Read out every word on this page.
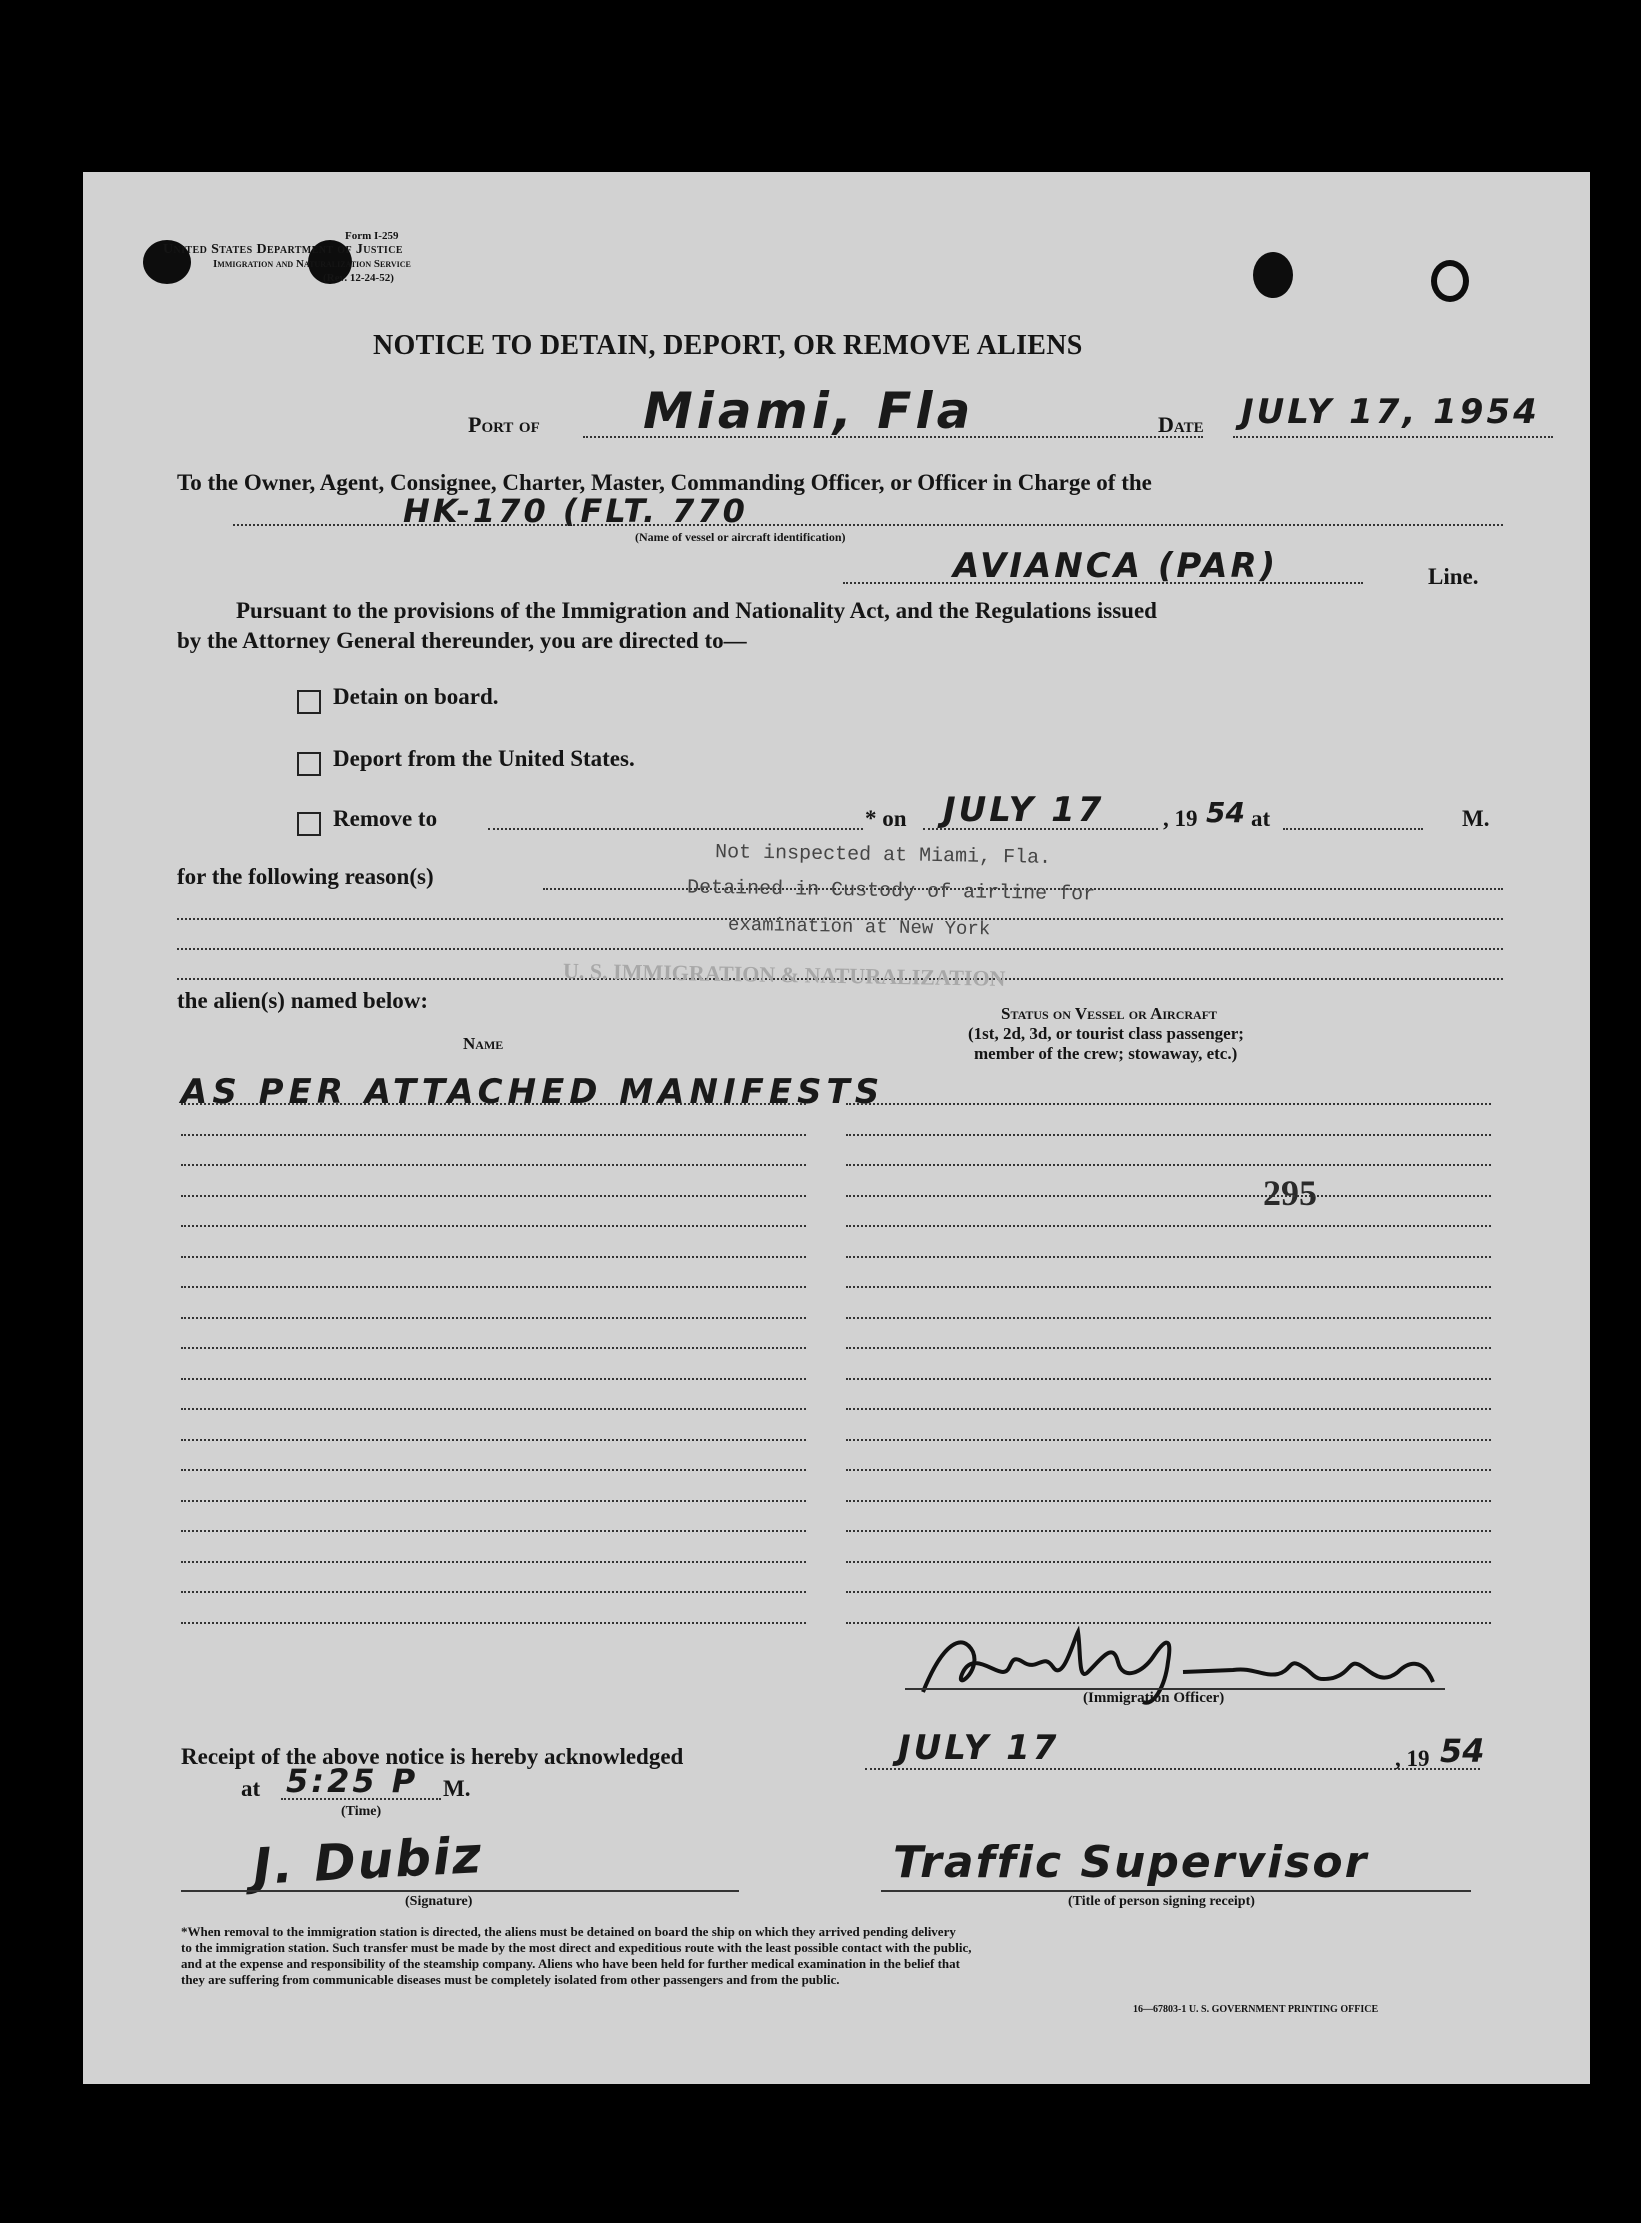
Form I-259
United States Department of Justice
Immigration and Naturalization Service
(Rev. 12-24-52)
NOTICE TO DETAIN, DEPORT, OR REMOVE ALIENS
Port of Miami, Fla	Date JULY 17, 1954
To the Owner, Agent, Consignee, Charter, Master, Commanding Officer, or Officer in Charge of the
HK-170 (FLT. 770
(Name of vessel or aircraft identification)
AVIANCA (PAR)	Line.
Pursuant to the provisions of the Immigration and Nationality Act, and the Regulations issued
by the Attorney General thereunder, you are directed to—
Detain on board.
Deport from the United States.
Remove to	* on JULY 17	, 19 54 at	M.
for the following reason(s)
Not inspected at Miami, Fla.
Detained in Custody of airline for
examination at New York
U. S. IMMIGRATION & NATURALIZATION
the alien(s) named below:
Name
Status on Vessel or Aircraft
(1st, 2d, 3d, or tourist class passenger;
member of the crew; stowaway, etc.)
AS PER ATTACHED MANIFESTS
295
(Immigration Officer)
Receipt of the above notice is hereby acknowledged	JULY 17	, 19 54
at 5:25 P M.
(Time)
J. Dubiz
(Signature)
Traffic Supervisor
(Title of person signing receipt)
*When removal to the immigration station is directed, the aliens must be detained on board the ship on which they arrived pending delivery
to the immigration station. Such transfer must be made by the most direct and expeditious route with the least possible contact with the public,
and at the expense and responsibility of the steamship company. Aliens who have been held for further medical examination in the belief that
they are suffering from communicable diseases must be completely isolated from other passengers and from the public.
16—67803-1 U. S. GOVERNMENT PRINTING OFFICE
